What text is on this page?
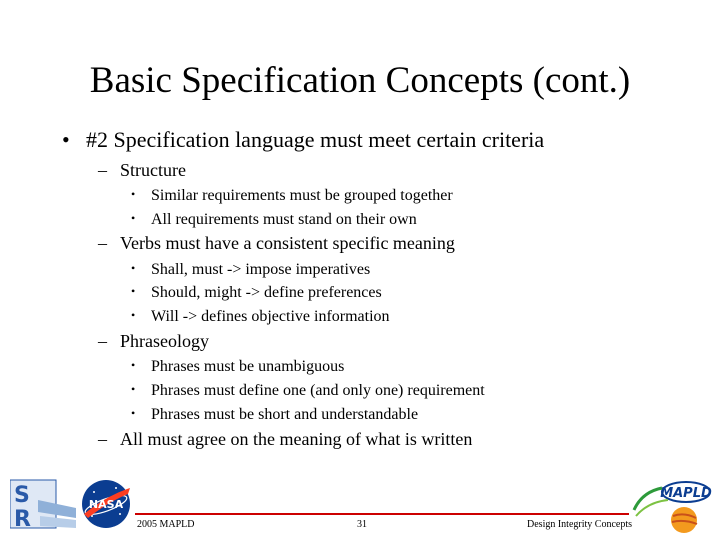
Basic Specification Concepts (cont.)
• #2 Specification language must meet certain criteria
– Structure
• Similar requirements must be grouped together
• All requirements must stand on their own
– Verbs must have a consistent specific meaning
• Shall, must -> impose imperatives
• Should, might -> define preferences
• Will -> defines objective information
– Phraseology
• Phrases must be unambiguous
• Phrases must define one (and only one) requirement
• Phrases must be short and understandable
– All must agree on the meaning of what is written
S
R
NASA
2005 MAPLD	31	Design Integrity Concepts
MAPLD
